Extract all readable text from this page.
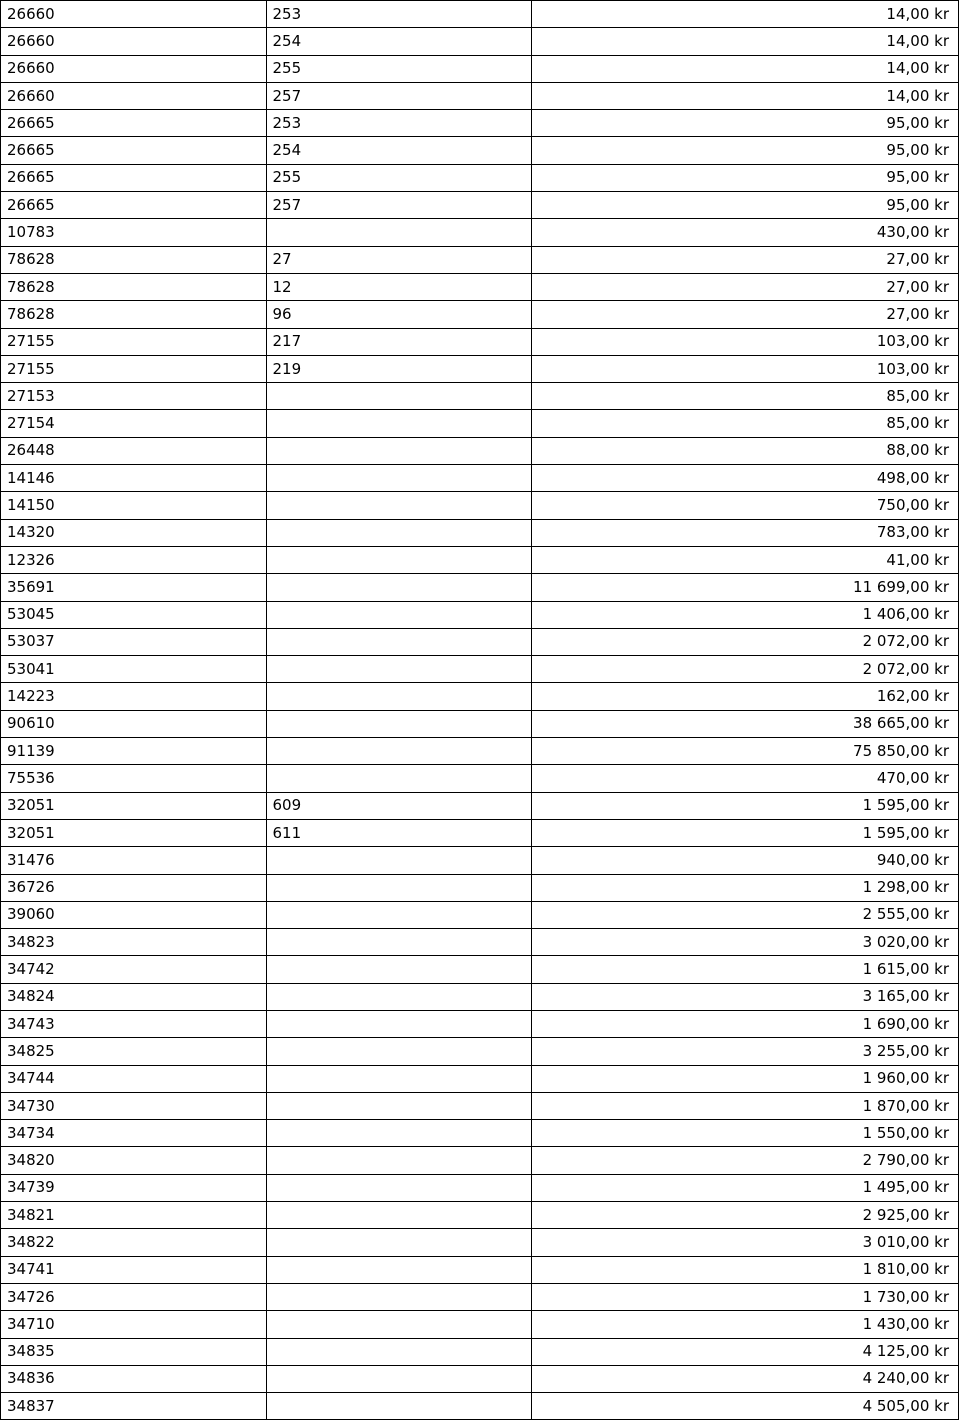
26660	253		14,00 kr
26660	254		14,00 kr
26660	255		14,00 kr
26660	257		14,00 kr
26665	253		95,00 kr
26665	254		95,00 kr
26665	255		95,00 kr
26665	257		95,00 kr
10783			430,00 kr
78628	27		27,00 kr
78628	12		27,00 kr
78628	96		27,00 kr
27155	217		103,00 kr
27155	219		103,00 kr
27153			85,00 kr
27154			85,00 kr
26448			88,00 kr
14146			498,00 kr
14150			750,00 kr
14320			783,00 kr
12326			41,00 kr
35691			11 699,00 kr
53045			1 406,00 kr
53037			2 072,00 kr
53041			2 072,00 kr
14223			162,00 kr
90610			38 665,00 kr
91139			75 850,00 kr
75536			470,00 kr
32051	609		1 595,00 kr
32051	611		1 595,00 kr
31476			940,00 kr
36726			1 298,00 kr
39060			2 555,00 kr
34823			3 020,00 kr
34742			1 615,00 kr
34824			3 165,00 kr
34743			1 690,00 kr
34825			3 255,00 kr
34744			1 960,00 kr
34730			1 870,00 kr
34734			1 550,00 kr
34820			2 790,00 kr
34739			1 495,00 kr
34821			2 925,00 kr
34822			3 010,00 kr
34741			1 810,00 kr
34726			1 730,00 kr
34710			1 430,00 kr
34835			4 125,00 kr
34836			4 240,00 kr
34837			4 505,00 kr
